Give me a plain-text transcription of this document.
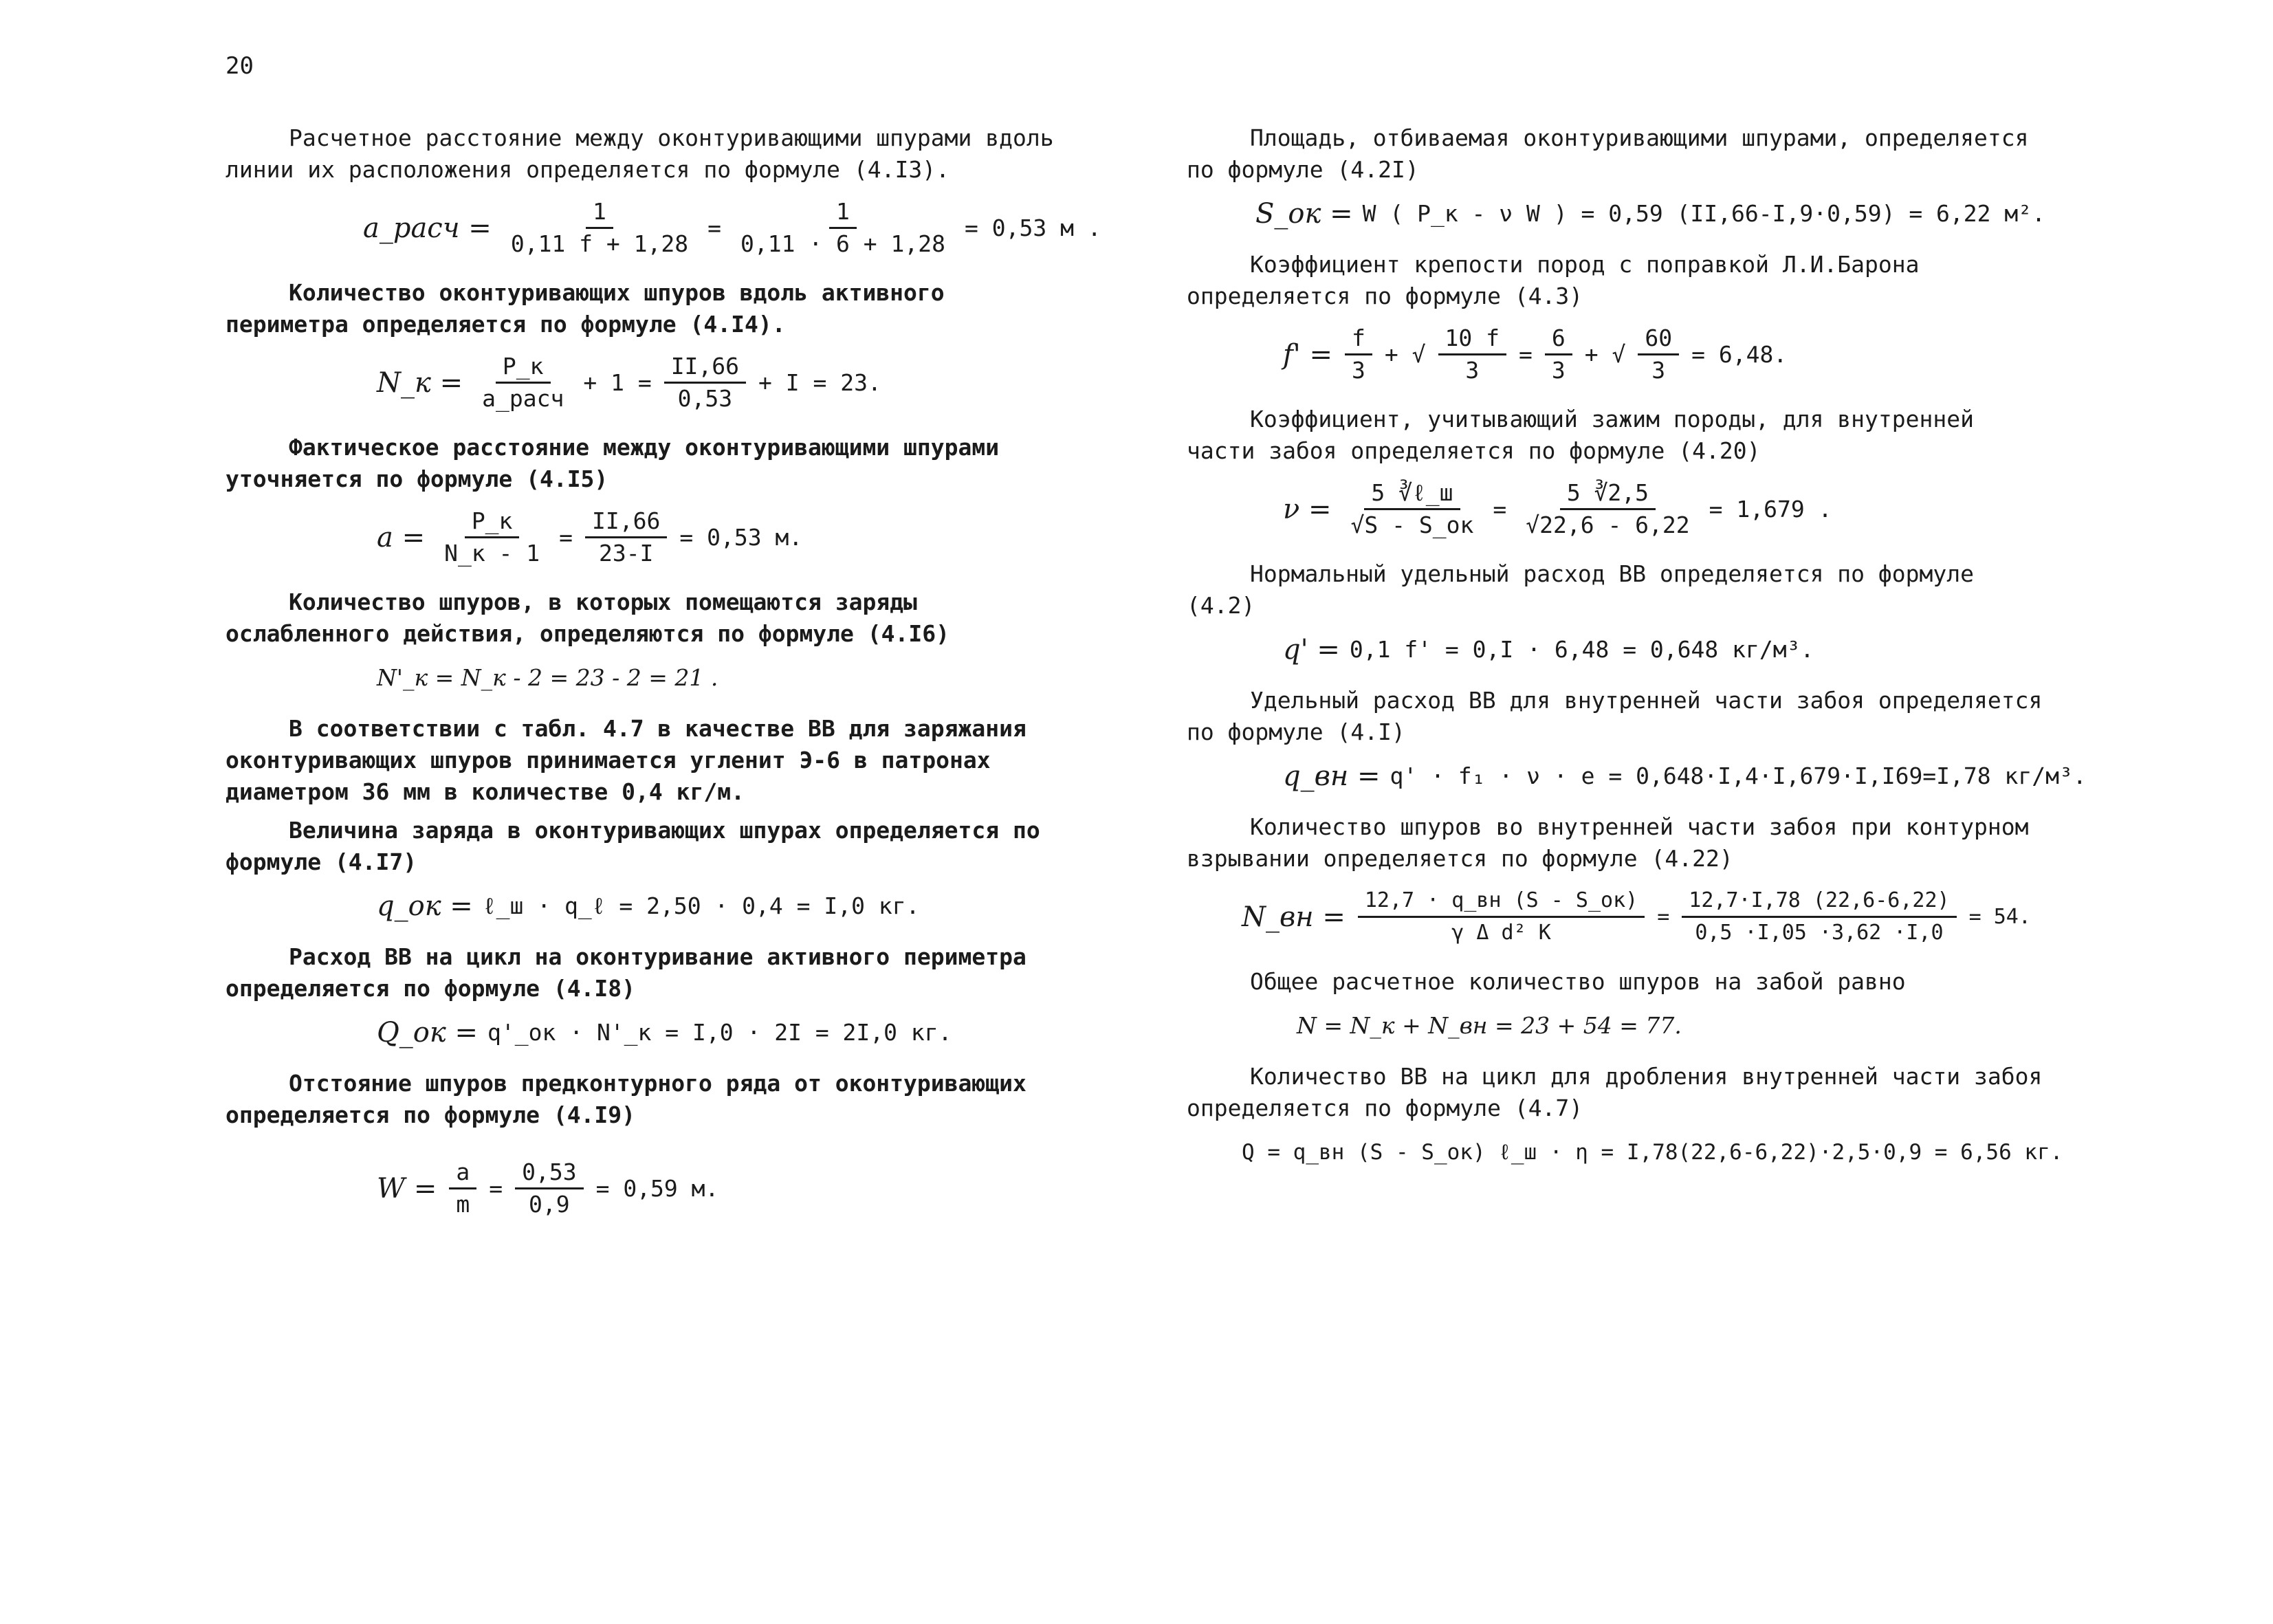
20

Расчетное расстояние между оконтуривающими шпурами вдоль линии их расположения определяется по формуле (4.I3).

a_расч = $\frac{1}{0,11 f + 1,28} = \frac{1}{0,11 \cdot 6 + 1,28} = 0,53$ м .

Количество оконтуривающих шпуров вдоль активного периметра определяется по формуле (4.I4).

N_к = $\frac{P\_к}{\text{a\_расч}} + 1 = \frac{II,66}{0,53} + I = 23$.

Фактическое расстояние между оконтуривающими шпурами уточняется по формуле (4.I5)

$a = \frac{P\_к}{N\_к - 1} = \frac{II,66}{23-I} = 0,53$ м.

Количество шпуров, в которых помещаются заряды ослабленного действия, определяются по формуле (4.I6)

N'_к = N_к - 2 = 23 - 2 = 21 .

В соответствии с табл. 4.7 в качестве ВВ для заряжания оконтуривающих шпуров принимается угленит Э-6 в патронах диаметром 36 мм в количестве 0,4 кг/м.

Величина заряда в оконтуривающих шпурах определяется по формуле (4.I7)

q_ок = ℓ_ш · q_ℓ = 2,50 · 0,4 = I,0 кг.

Расход ВВ на цикл на оконтуривание активного периметра определяется по формуле (4.I8)

Q_ок = q'_ок · N'_к = I,0 · 2I = 2I,0 кг.

Отстояние шпуров предконтурного ряда от оконтуривающих определяется по формуле (4.I9)

$W = \frac{a}{m} = \frac{0,53}{0,9} = 0,59$ м.

Площадь, отбиваемая оконтуривающими шпурами, определяется по формуле (4.2I)

S_ок = W ( P_к - ν W ) = 0,59 (II,66-I,9·0,59) = 6,22 м².

Коэффициент крепости пород с поправкой Л.И.Барона определяется по формуле (4.3)

$f' = \frac{f}{3}$ + √ $\frac{10 f}{3} = \frac{6}{3}$ + √ $\frac{60}{3} = 6,48$.

Коэффициент, учитывающий зажим породы, для внутренней части забоя определяется по формуле (4.20)

$\nu = \frac{\text{5 ∛ℓ\_ш}}{√S - S\_ок} = \frac{5 ∛2,5}{√22,6 - 6,22} = 1,679$ .

Нормальный удельный расход ВВ определяется по формуле (4.2)

q' = 0,1 f' = 0,I · 6,48 = 0,648 кг/м³.

Удельный расход ВВ для внутренней части забоя определяется по формуле (4.I)

q_вн = q' · f₁ · ν · e = 0,648·I,4·I,679·I,I69=I,78 кг/м³.

Количество шпуров во внутренней части забоя при контурном взрывании определяется по формуле (4.22)

N_вн = $\frac{12,7 \cdot q\_вн (S - S\_ок)}{\text{γ Δ d² K}} = \frac{12,7\cdot I,78 (22,6-6,22)}{0,5 \cdot I,05 \cdot 3,62 \cdot I,0} = 54$.

Общее расчетное количество шпуров на забой равно

N = N_к + N_вн = 23 + 54 = 77.

Количество ВВ на цикл для дробления внутренней части забоя определяется по формуле (4.7)

Q = q_вн (S - S_ок) ℓ_ш · η = I,78(22,6-6,22)·2,5·0,9 = 6,56 кг.
